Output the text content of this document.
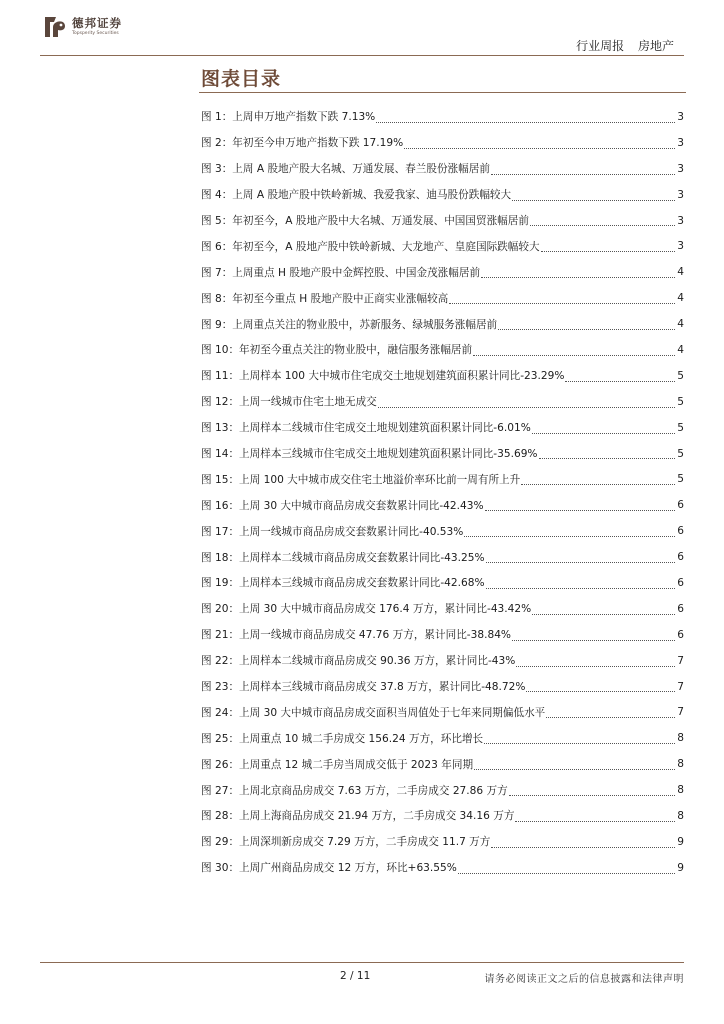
德邦证券
Topsperity Securities
行业周报 房地产
图表目录
图 1：上周申万地产指数下跌 7.13%	3
图 2：年初至今申万地产指数下跌 17.19%	3
图 3：上周 A 股地产股大名城、万通发展、春兰股份涨幅居前	3
图 4：上周 A 股地产股中铁岭新城、我爱我家、迪马股份跌幅较大	3
图 5：年初至今，A 股地产股中大名城、万通发展、中国国贸涨幅居前	3
图 6：年初至今，A 股地产股中铁岭新城、大龙地产、皇庭国际跌幅较大	3
图 7：上周重点 H 股地产股中金辉控股、中国金茂涨幅居前	4
图 8：年初至今重点 H 股地产股中正商实业涨幅较高	4
图 9：上周重点关注的物业股中，苏新服务、绿城服务涨幅居前	4
图 10：年初至今重点关注的物业股中，融信服务涨幅居前	4
图 11：上周样本 100 大中城市住宅成交土地规划建筑面积累计同比-23.29%	5
图 12：上周一线城市住宅土地无成交	5
图 13：上周样本二线城市住宅成交土地规划建筑面积累计同比-6.01%	5
图 14：上周样本三线城市住宅成交土地规划建筑面积累计同比-35.69%	5
图 15：上周 100 大中城市成交住宅土地溢价率环比前一周有所上升	5
图 16：上周 30 大中城市商品房成交套数累计同比-42.43%	6
图 17：上周一线城市商品房成交套数累计同比-40.53%	6
图 18：上周样本二线城市商品房成交套数累计同比-43.25%	6
图 19：上周样本三线城市商品房成交套数累计同比-42.68%	6
图 20：上周 30 大中城市商品房成交 176.4 万方，累计同比-43.42%	6
图 21：上周一线城市商品房成交 47.76 万方，累计同比-38.84%	6
图 22：上周样本二线城市商品房成交 90.36 万方，累计同比-43%	7
图 23：上周样本三线城市商品房成交 37.8 万方，累计同比-48.72%	7
图 24：上周 30 大中城市商品房成交面积当周值处于七年来同期偏低水平	7
图 25：上周重点 10 城二手房成交 156.24 万方，环比增长	8
图 26：上周重点 12 城二手房当周成交低于 2023 年同期	8
图 27：上周北京商品房成交 7.63 万方，二手房成交 27.86 万方	8
图 28：上周上海商品房成交 21.94 万方，二手房成交 34.16 万方	8
图 29：上周深圳新房成交 7.29 万方，二手房成交 11.7 万方	9
图 30：上周广州商品房成交 12 万方，环比+63.55%	9
2 / 11	请务必阅读正文之后的信息披露和法律声明
